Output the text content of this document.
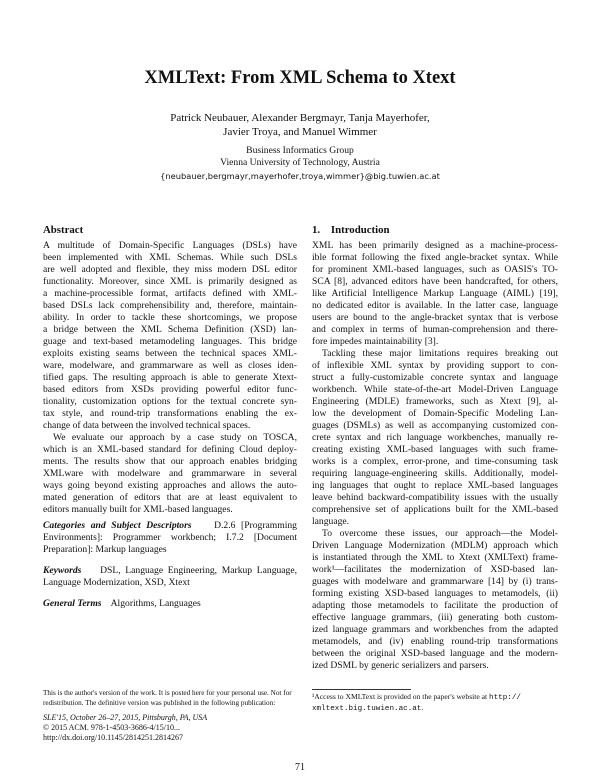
XMLText: From XML Schema to Xtext
Patrick Neubauer, Alexander Bergmayr, Tanja Mayerhofer,
Javier Troya, and Manuel Wimmer
Business Informatics Group
Vienna University of Technology, Austria
{neubauer,bergmayr,mayerhofer,troya,wimmer}@big.tuwien.ac.at
Abstract
A multitude of Domain-Specific Languages (DSLs) have
been implemented with XML Schemas. While such DSLs
are well adopted and flexible, they miss modern DSL editor
functionality. Moreover, since XML is primarily designed as
a machine-processible format, artifacts defined with XML-
based DSLs lack comprehensibility and, therefore, maintain-
ability. In order to tackle these shortcomings, we propose
a bridge between the XML Schema Definition (XSD) lan-
guage and text-based metamodeling languages. This bridge
exploits existing seams between the technical spaces XML-
ware, modelware, and grammarware as well as closes iden-
tified gaps. The resulting approach is able to generate Xtext-
based editors from XSDs providing powerful editor func-
tionality, customization options for the textual concrete syn-
tax style, and round-trip transformations enabling the ex-
change of data between the involved technical spaces.
We evaluate our approach by a case study on TOSCA,
which is an XML-based standard for defining Cloud deploy-
ments. The results show that our approach enables bridging
XMLware with modelware and grammarware in several
ways going beyond existing approaches and allows the auto-
mated generation of editors that are at least equivalent to
editors manually built for XML-based languages.
Categories and Subject Descriptors D.2.6 [Programming
Environments]: Programmer workbench; I.7.2 [Document
Preparation]: Markup languages
Keywords DSL, Language Engineering, Markup Language,
Language Modernization, XSD, Xtext
General Terms Algorithms, Languages
This is the author's version of the work. It is posted here for your personal use. Not for
redistribution. The definitive version was published in the following publication:
SLE'15, October 26–27, 2015, Pittsburgh, PA, USA
© 2015 ACM. 978-1-4503-3686-4/15/10...
http://dx.doi.org/10.1145/2814251.2814267
1.    Introduction
XML has been primarily designed as a machine-process-
ible format following the fixed angle-bracket syntax. While
for prominent XML-based languages, such as OASIS's TO-
SCA [8], advanced editors have been handcrafted, for others,
like Artificial Intelligence Markup Language (AIML) [19],
no dedicated editor is available. In the latter case, language
users are bound to the angle-bracket syntax that is verbose
and complex in terms of human-comprehension and there-
fore impedes maintainability [3].
Tackling these major limitations requires breaking out
of inflexible XML syntax by providing support to con-
struct a fully-customizable concrete syntax and language
workbench. While state-of-the-art Model-Driven Language
Engineering (MDLE) frameworks, such as Xtext [9], al-
low the development of Domain-Specific Modeling Lan-
guages (DSMLs) as well as accompanying customized con-
crete syntax and rich language workbenches, manually re-
creating existing XML-based languages with such frame-
works is a complex, error-prone, and time-consuming task
requiring language-engineering skills. Additionally, model-
ing languages that ought to replace XML-based languages
leave behind backward-compatibility issues with the usually
comprehensive set of applications built for the XML-based
language.
To overcome these issues, our approach—the Model-
Driven Language Modernization (MDLM) approach which
is instantiated through the XML to Xtext (XMLText) frame-
work¹—facilitates the modernization of XSD-based lan-
guages with modelware and grammarware [14] by (i) trans-
forming existing XSD-based languages to metamodels, (ii)
adapting those metamodels to facilitate the production of
effective language grammars, (iii) generating both custom-
ized language grammars and workbenches from the adapted
metamodels, and (iv) enabling round-trip transformations
between the original XSD-based language and the modern-
ized DSML by generic serializers and parsers.
¹Access to XMLText is provided on the paper's website at http://
xmltext.big.tuwien.ac.at.
71
